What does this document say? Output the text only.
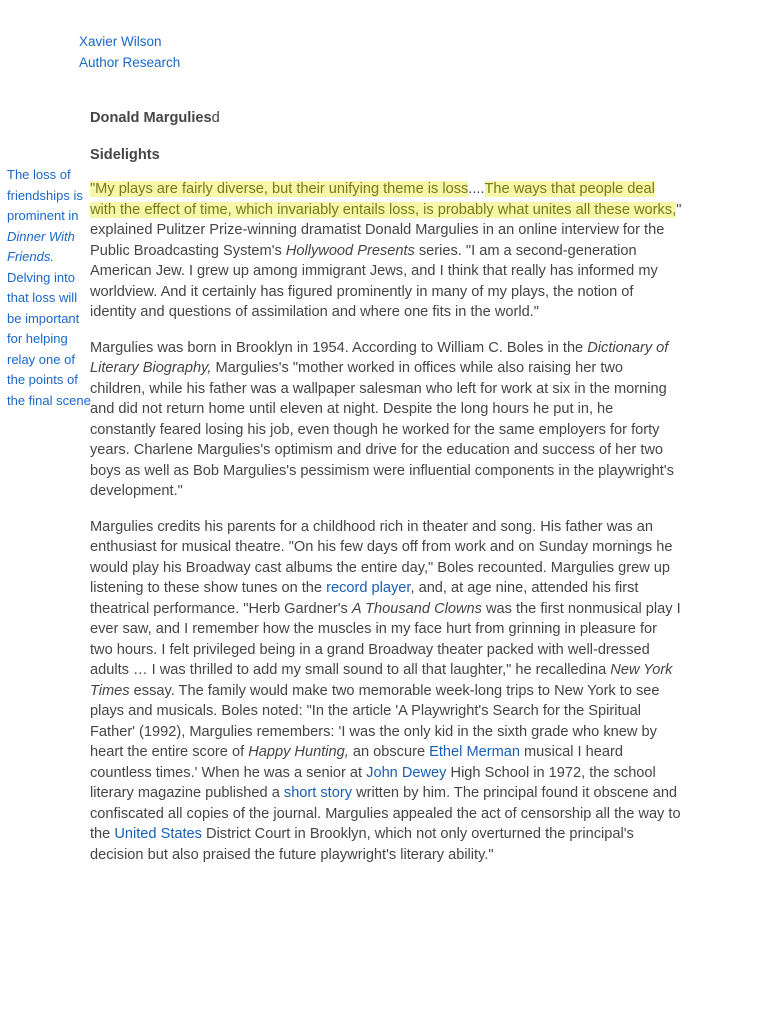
Xavier Wilson
Author Research
The loss of
friendships is
prominent in
Dinner With
Friends.
Delving into
that loss will
be important
for helping
relay one of
the points of
the final scene
Donald Marguliesd
Sidelights

"My plays are fairly diverse, but their unifying theme is loss....The ways that people deal with the effect of time, which invariably entails loss, is probably what unites all these works," explained Pulitzer Prize-winning dramatist Donald Margulies in an online interview for the Public Broadcasting System's Hollywood Presents series. "I am a second-generation American Jew. I grew up among immigrant Jews, and I think that really has informed my worldview. And it certainly has figured prominently in many of my plays, the notion of identity and questions of assimilation and where one fits in the world."

Margulies was born in Brooklyn in 1954. According to William C. Boles in the Dictionary of Literary Biography, Margulies's "mother worked in offices while also raising her two children, while his father was a wallpaper salesman who left for work at six in the morning and did not return home until eleven at night. Despite the long hours he put in, he constantly feared losing his job, even though he worked for the same employers for forty years. Charlene Margulies's optimism and drive for the education and success of her two boys as well as Bob Margulies's pessimism were influential components in the playwright's development."

Margulies credits his parents for a childhood rich in theater and song. His father was an enthusiast for musical theatre. "On his few days off from work and on Sunday mornings he would play his Broadway cast albums the entire day," Boles recounted. Margulies grew up listening to these show tunes on the record player, and, at age nine, attended his first theatrical performance. "Herb Gardner's A Thousand Clowns was the first nonmusical play I ever saw, and I remember how the muscles in my face hurt from grinning in pleasure for two hours. I felt privileged being in a grand Broadway theater packed with well-dressed adults … I was thrilled to add my small sound to all that laughter," he recalledina New York Times essay. The family would make two memorable week-long trips to New York to see plays and musicals. Boles noted: "In the article 'A Playwright's Search for the Spiritual Father' (1992), Margulies remembers: 'I was the only kid in the sixth grade who knew by heart the entire score of Happy Hunting, an obscure Ethel Merman musical I heard countless times.' When he was a senior at John Dewey High School in 1972, the school literary magazine published a short story written by him. The principal found it obscene and confiscated all copies of the journal. Margulies appealed the act of censorship all the way to the United States District Court in Brooklyn, which not only overturned the principal's decision but also praised the future playwright's literary ability."
